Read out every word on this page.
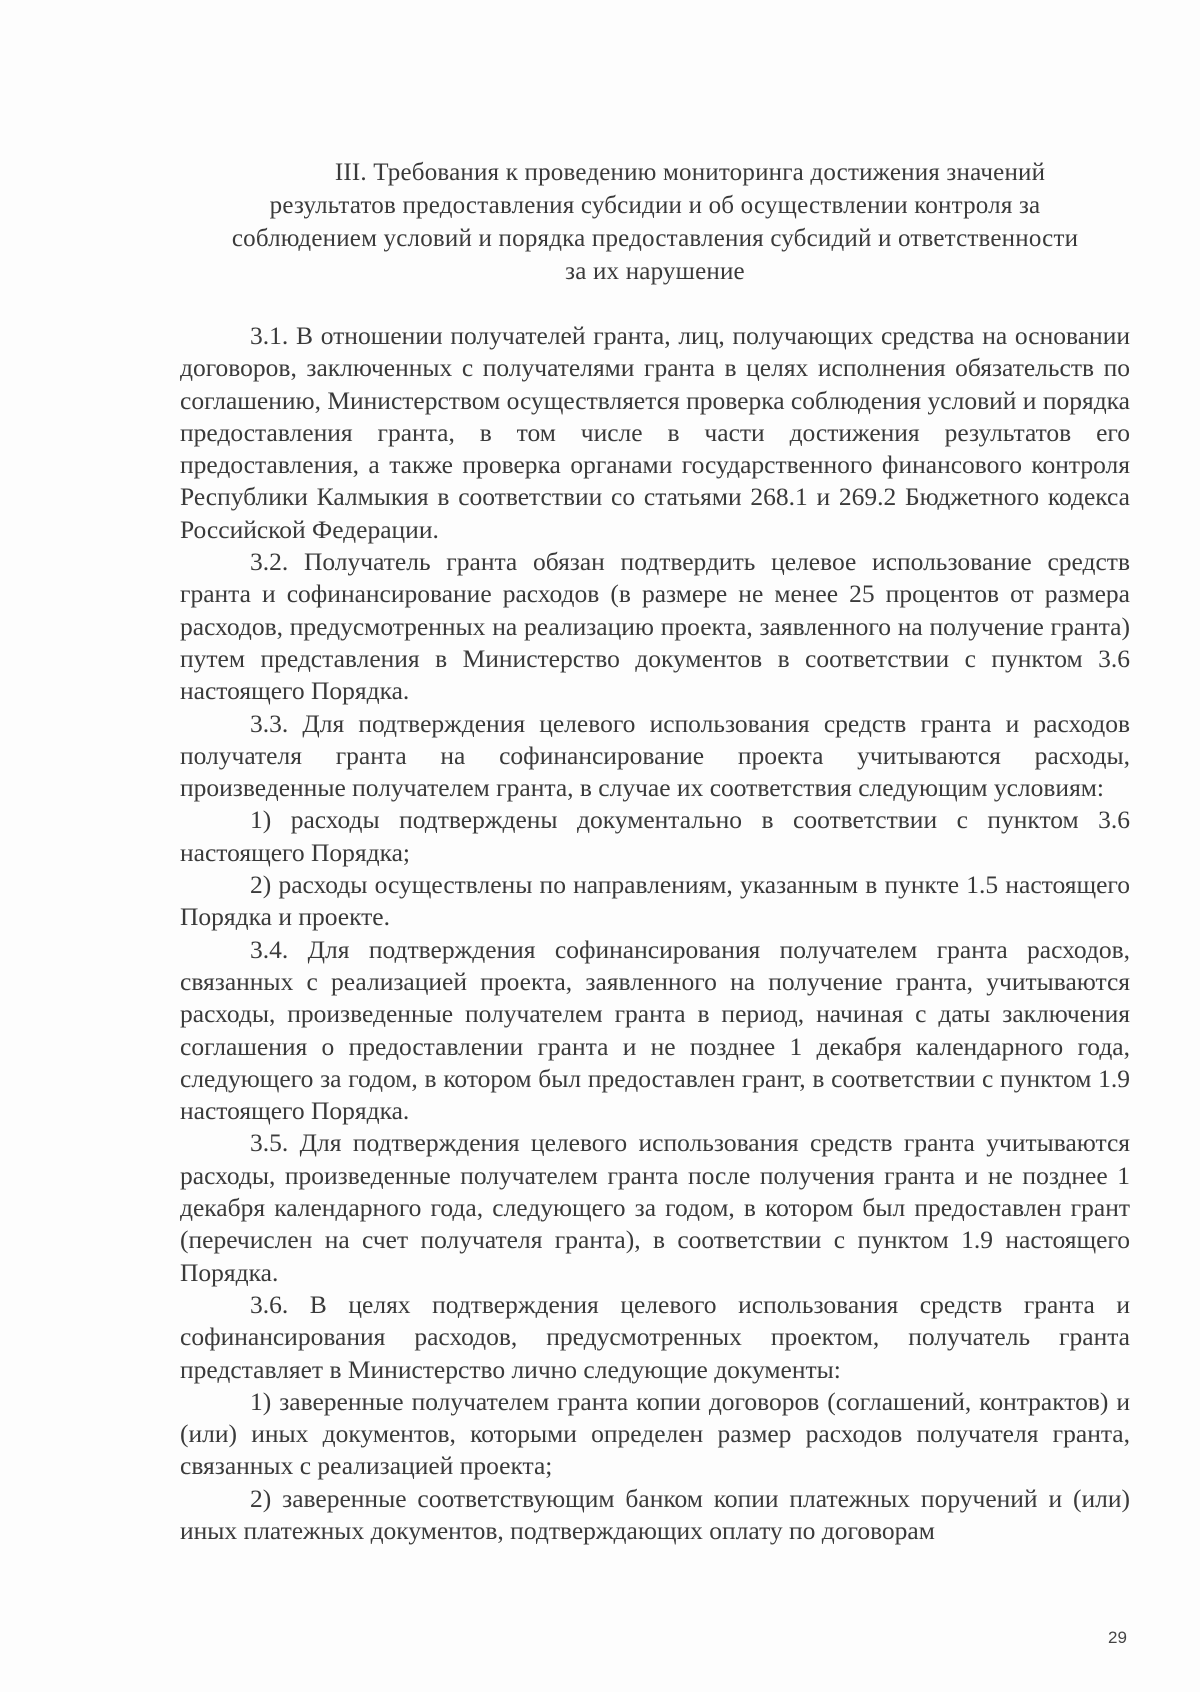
III. Требования к проведению мониторинга достижения значений
результатов предоставления субсидии и об осуществлении контроля за
соблюдением условий и порядка предоставления субсидий и ответственности
за их нарушение

3.1. В отношении получателей гранта, лиц, получающих средства на основании договоров, заключенных с получателями гранта в целях исполнения обязательств по соглашению, Министерством осуществляется проверка соблюдения условий и порядка предоставления гранта, в том числе в части достижения результатов его предоставления, а также проверка органами государственного финансового контроля Республики Калмыкия в соответствии со статьями 268.1 и 269.2 Бюджетного кодекса Российской Федерации.

3.2. Получатель гранта обязан подтвердить целевое использование средств гранта и софинансирование расходов (в размере не менее 25 процентов от размера расходов, предусмотренных на реализацию проекта, заявленного на получение гранта) путем представления в Министерство документов в соответствии с пунктом 3.6 настоящего Порядка.

3.3. Для подтверждения целевого использования средств гранта и расходов получателя гранта на софинансирование проекта учитываются расходы, произведенные получателем гранта, в случае их соответствия следующим условиям:

1) расходы подтверждены документально в соответствии с пунктом 3.6 настоящего Порядка;

2) расходы осуществлены по направлениям, указанным в пункте 1.5 настоящего Порядка и проекте.

3.4. Для подтверждения софинансирования получателем гранта расходов, связанных с реализацией проекта, заявленного на получение гранта, учитываются расходы, произведенные получателем гранта в период, начиная с даты заключения соглашения о предоставлении гранта и не позднее 1 декабря календарного года, следующего за годом, в котором был предоставлен грант, в соответствии с пунктом 1.9 настоящего Порядка.

3.5. Для подтверждения целевого использования средств гранта учитываются расходы, произведенные получателем гранта после получения гранта и не позднее 1 декабря календарного года, следующего за годом, в котором был предоставлен грант (перечислен на счет получателя гранта), в соответствии с пунктом 1.9 настоящего Порядка.

3.6. В целях подтверждения целевого использования средств гранта и софинансирования расходов, предусмотренных проектом, получатель гранта представляет в Министерство лично следующие документы:

1) заверенные получателем гранта копии договоров (соглашений, контрактов) и (или) иных документов, которыми определен размер расходов получателя гранта, связанных с реализацией проекта;

2) заверенные соответствующим банком копии платежных поручений и (или) иных платежных документов, подтверждающих оплату по договорам

29
